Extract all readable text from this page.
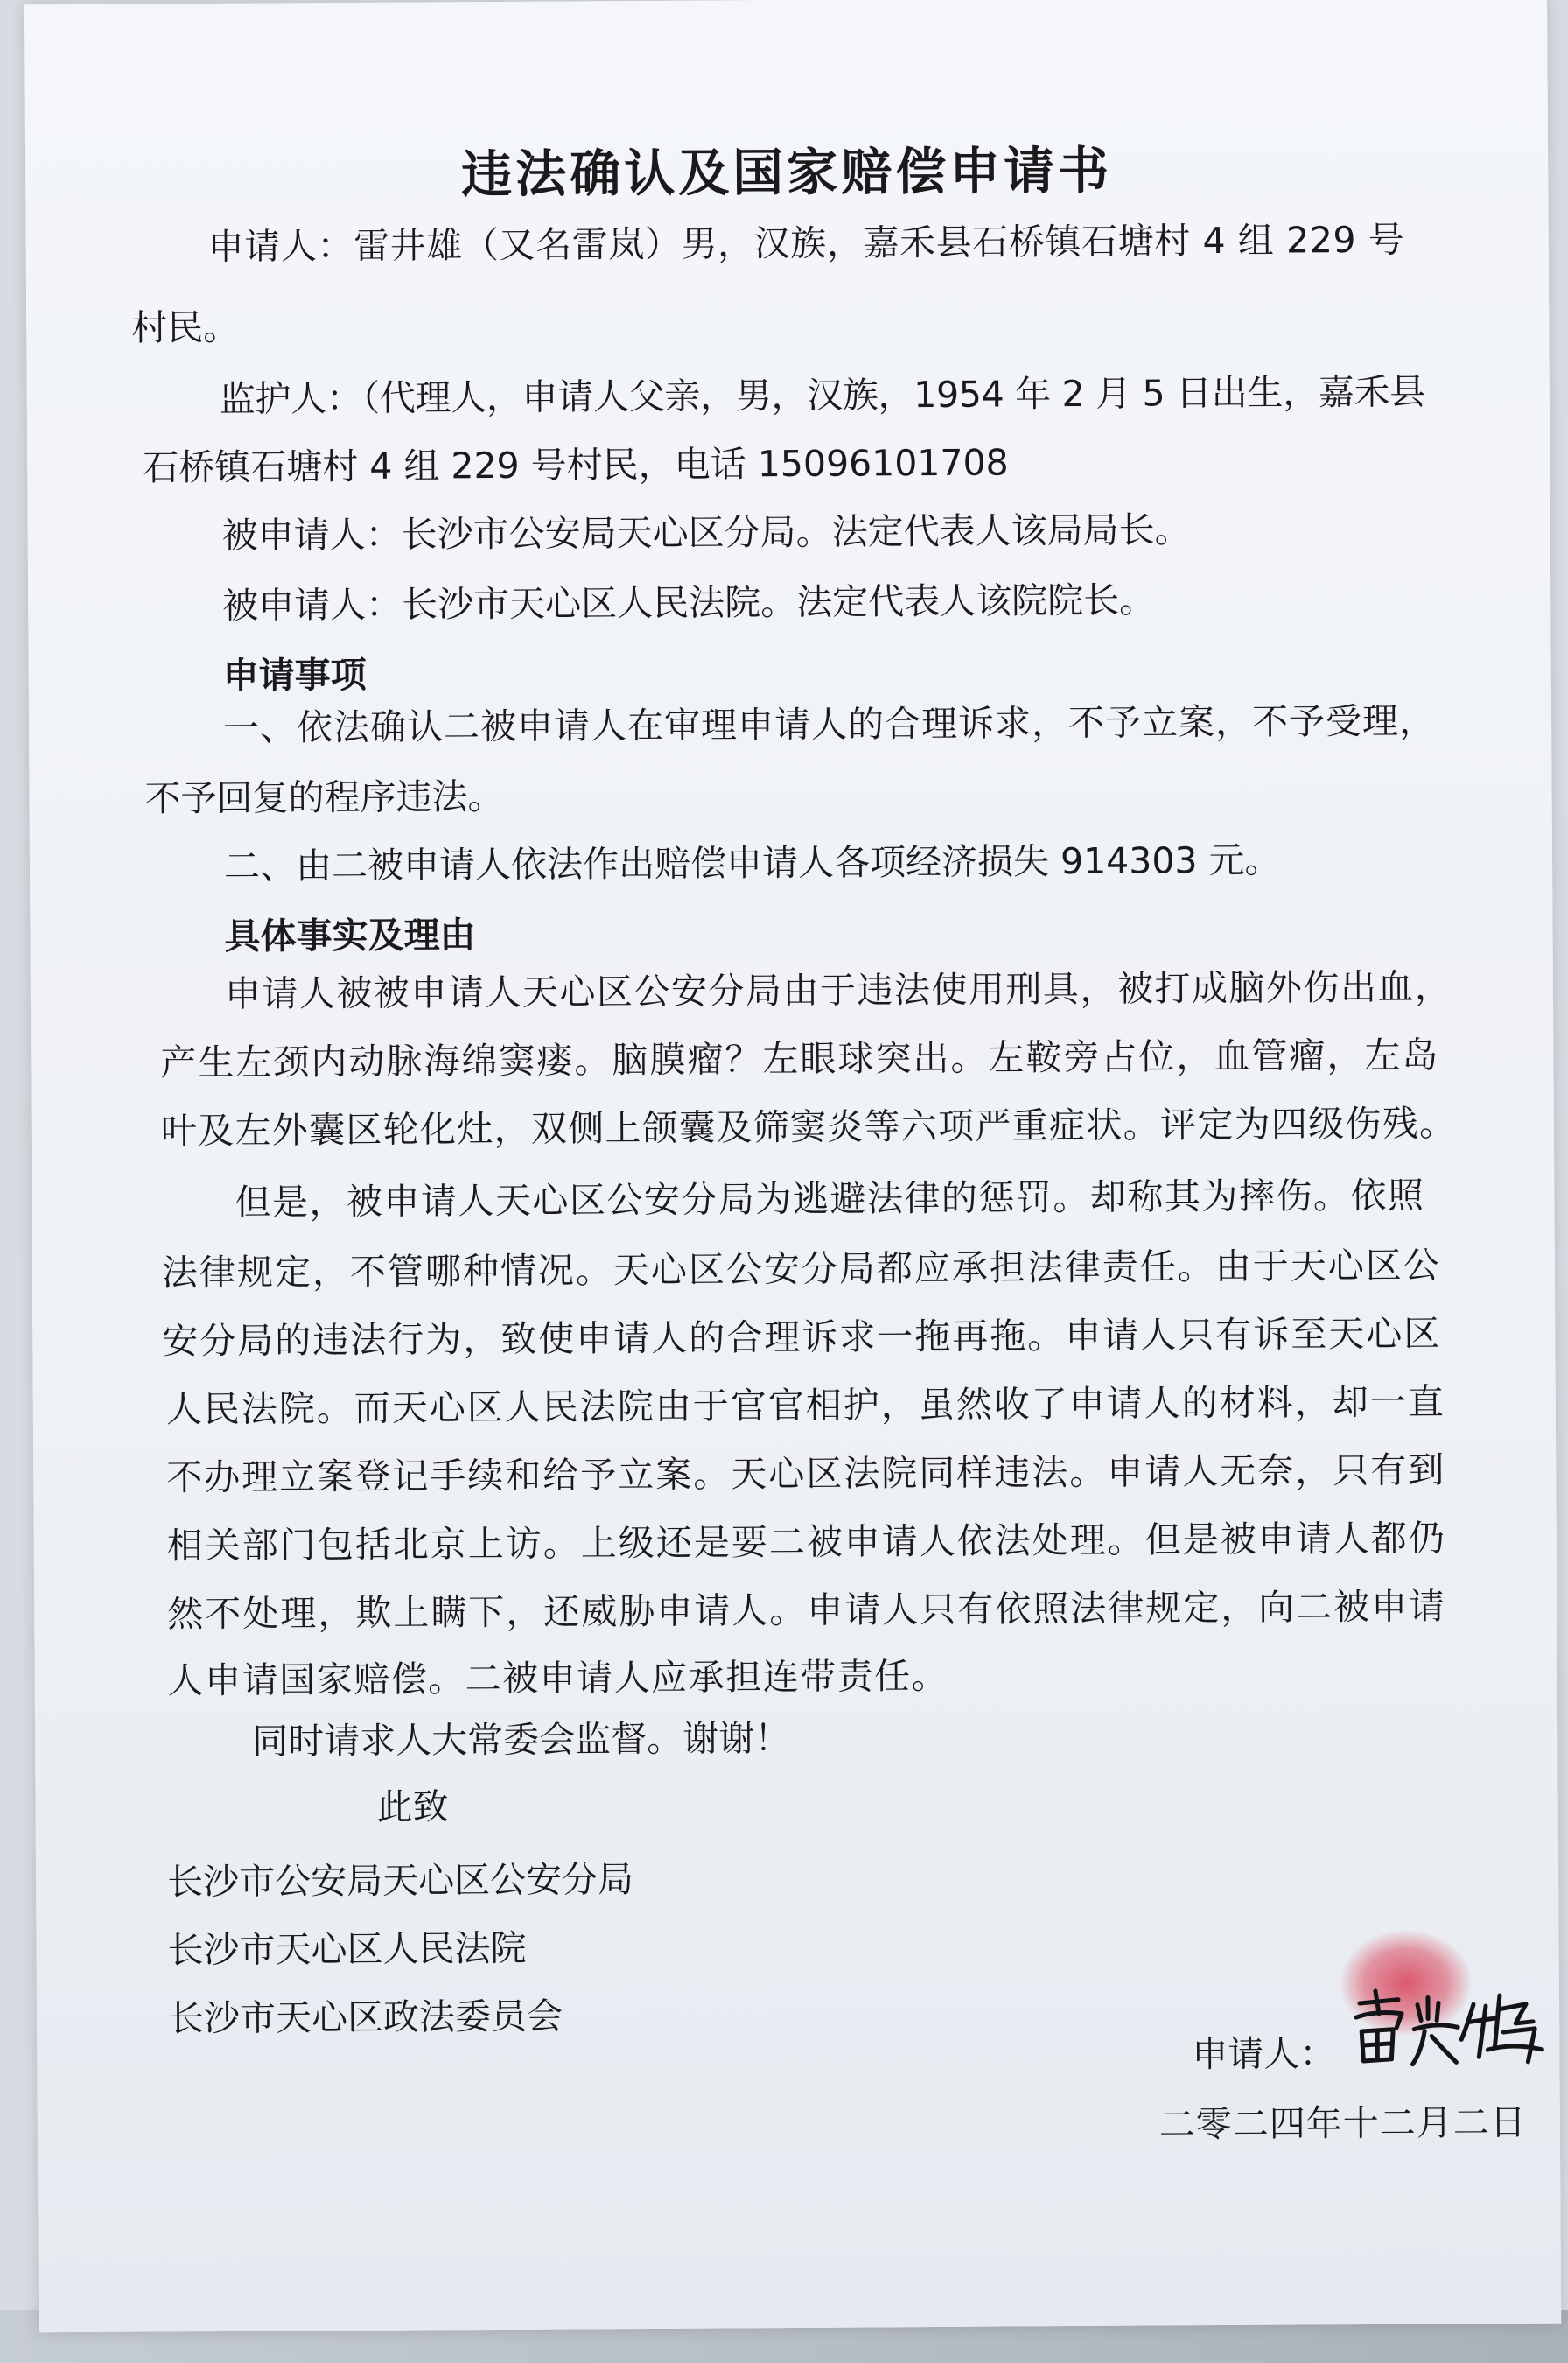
违法确认及国家赔偿申请书
申请人：雷井雄（又名雷岚）男，汉族，嘉禾县石桥镇石塘村 4 组 229 号
村民。
监护人：（代理人，申请人父亲，男，汉族，1954 年 2 月 5 日出生，嘉禾县
石桥镇石塘村 4 组 229 号村民，电话 15096101708
被申请人：长沙市公安局天心区分局。法定代表人该局局长。
被申请人：长沙市天心区人民法院。法定代表人该院院长。
申请事项
一、依法确认二被申请人在审理申请人的合理诉求，不予立案，不予受理，
不予回复的程序违法。
二、由二被申请人依法作出赔偿申请人各项经济损失 914303 元。
具体事实及理由
申请人被被申请人天心区公安分局由于违法使用刑具，被打成脑外伤出血，
产生左颈内动脉海绵窦瘘。脑膜瘤？左眼球突出。左鞍旁占位，血管瘤，左岛
叶及左外囊区轮化灶，双侧上颌囊及筛窦炎等六项严重症状。评定为四级伤残。
但是，被申请人天心区公安分局为逃避法律的惩罚。却称其为摔伤。依照
法律规定，不管哪种情况。天心区公安分局都应承担法律责任。由于天心区公
安分局的违法行为，致使申请人的合理诉求一拖再拖。申请人只有诉至天心区
人民法院。而天心区人民法院由于官官相护，虽然收了申请人的材料，却一直
不办理立案登记手续和给予立案。天心区法院同样违法。申请人无奈，只有到
相关部门包括北京上访。上级还是要二被申请人依法处理。但是被申请人都仍
然不处理，欺上瞒下，还威胁申请人。申请人只有依照法律规定，向二被申请
人申请国家赔偿。二被申请人应承担连带责任。
同时请求人大常委会监督。谢谢！
此致
长沙市公安局天心区公安分局
长沙市天心区人民法院
长沙市天心区政法委员会
申请人：
二零二四年十二月二日
